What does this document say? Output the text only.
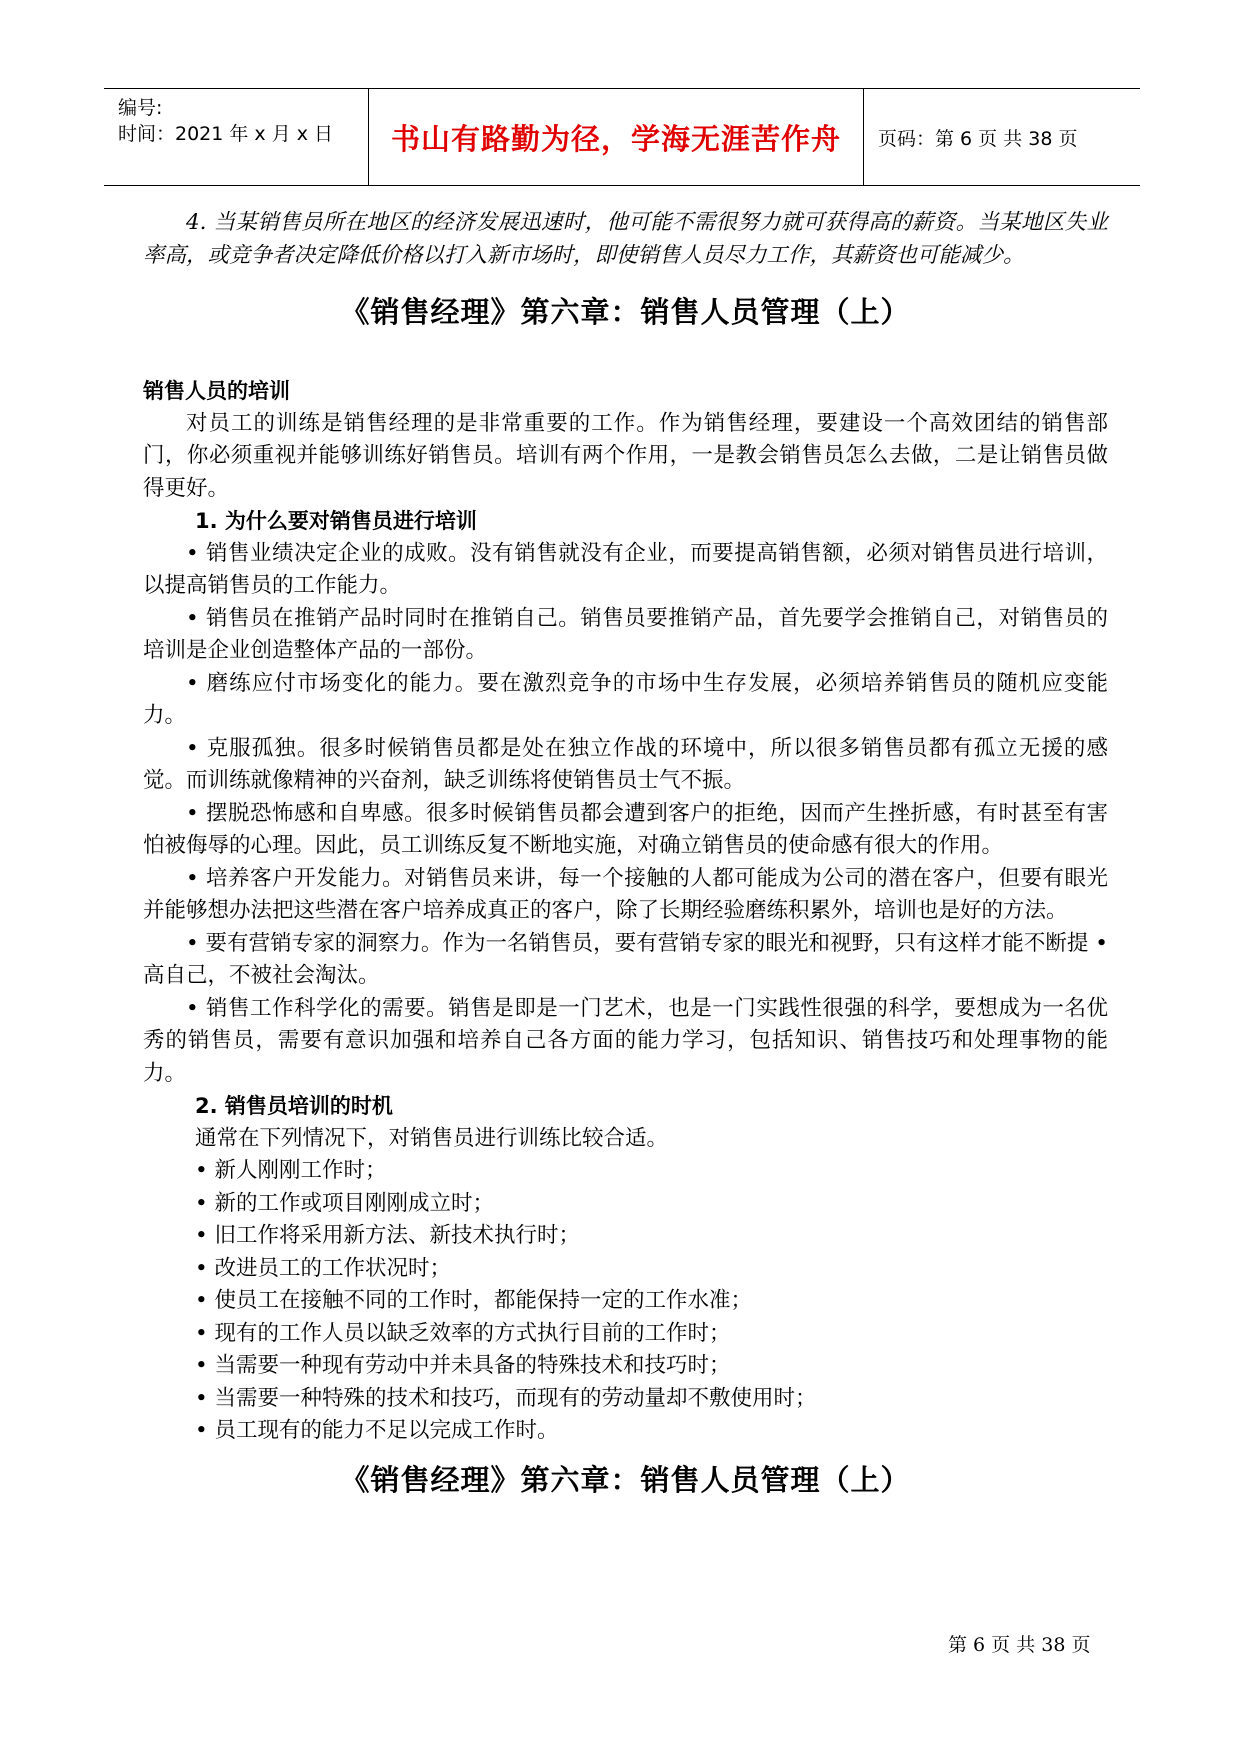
编号:
时间：2021 年 x 月 x 日 书山有路勤为径，学海无涯苦作舟 页码：第 6 页 共 38 页

4. 当某销售员所在地区的经济发展迅速时，他可能不需很努力就可获得高的薪资。当某地区失业率高，或竞争者决定降低价格以打入新市场时，即使销售人员尽力工作，其薪资也可能减少。

《销售经理》第六章：销售人员管理（上）

销售人员的培训

对员工的训练是销售经理的是非常重要的工作。作为销售经理，要建设一个高效团结的销售部门，你必须重视并能够训练好销售员。培训有两个作用，一是教会销售员怎么去做，二是让销售员做得更好。

1. 为什么要对销售员进行培训

• 销售业绩决定企业的成败。没有销售就没有企业，而要提高销售额，必须对销售员进行培训，以提高销售员的工作能力。

• 销售员在推销产品时同时在推销自己。销售员要推销产品，首先要学会推销自己，对销售员的培训是企业创造整体产品的一部份。

• 磨练应付市场变化的能力。要在激烈竞争的市场中生存发展，必须培养销售员的随机应变能力。

• 克服孤独。很多时候销售员都是处在独立作战的环境中，所以很多销售员都有孤立无援的感觉。而训练就像精神的兴奋剂，缺乏训练将使销售员士气不振。

• 摆脱恐怖感和自卑感。很多时候销售员都会遭到客户的拒绝，因而产生挫折感，有时甚至有害怕被侮辱的心理。因此，员工训练反复不断地实施，对确立销售员的使命感有很大的作用。

• 培养客户开发能力。对销售员来讲，每一个接触的人都可能成为公司的潜在客户，但要有眼光并能够想办法把这些潜在客户培养成真正的客户，除了长期经验磨练积累外，培训也是好的方法。

• 要有营销专家的洞察力。作为一名销售员，要有营销专家的眼光和视野，只有这样才能不断提 • 高自己，不被社会淘汰。

• 销售工作科学化的需要。销售是即是一门艺术，也是一门实践性很强的科学，要想成为一名优秀的销售员，需要有意识加强和培养自己各方面的能力学习，包括知识、销售技巧和处理事物的能力。

2. 销售员培训的时机

通常在下列情况下，对销售员进行训练比较合适。

• 新人刚刚工作时；

• 新的工作或项目刚刚成立时；

• 旧工作将采用新方法、新技术执行时；

• 改进员工的工作状况时；

• 使员工在接触不同的工作时，都能保持一定的工作水准；

• 现有的工作人员以缺乏效率的方式执行目前的工作时；

• 当需要一种现有劳动中并未具备的特殊技术和技巧时；

• 当需要一种特殊的技术和技巧，而现有的劳动量却不敷使用时；

• 员工现有的能力不足以完成工作时。

《销售经理》第六章：销售人员管理（上）

第 6 页 共 38 页
